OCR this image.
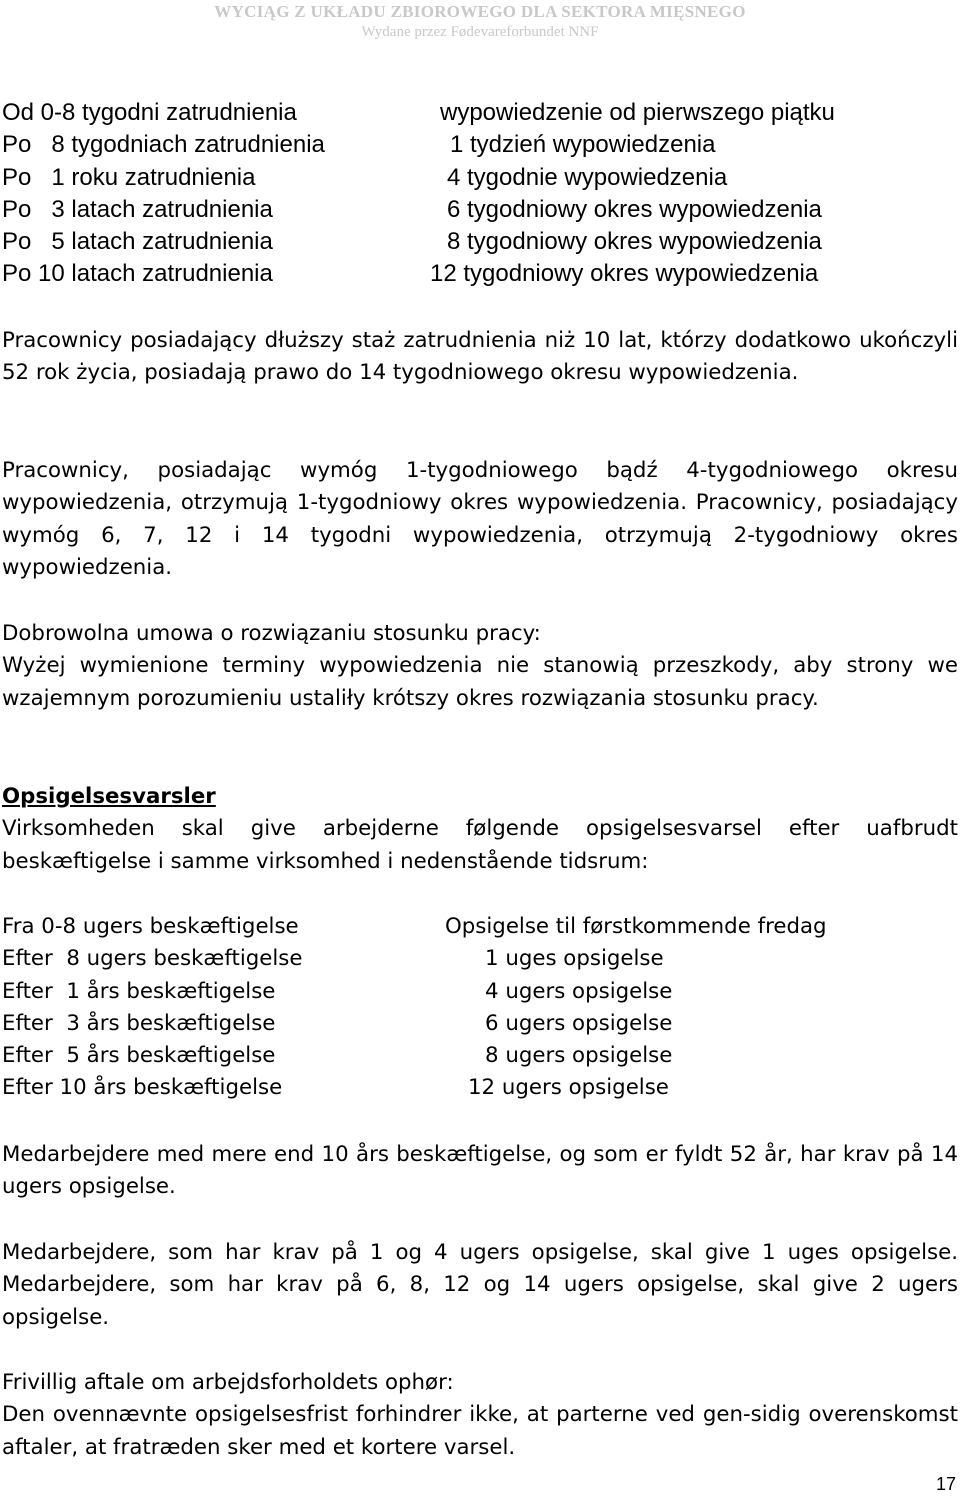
WYCIĄG Z UKŁADU ZBIOROWEGO DLA SEKTORA MIĘSNEGO
Wydane przez Fødevareforbundet NNF
Od 0-8 tygodni zatrudnienia	wypowiedzenie od pierwszego piątku
Po   8 tygodniach zatrudnienia	1 tydzień wypowiedzenia
Po   1 roku zatrudnienia	4 tygodnie wypowiedzenia
Po   3 latach zatrudnienia	6 tygodniowy okres wypowiedzenia
Po   5 latach zatrudnienia	8 tygodniowy okres wypowiedzenia
Po 10 latach zatrudnienia	12 tygodniowy okres wypowiedzenia

Pracownicy posiadający dłuższy staż zatrudnienia niż 10 lat, którzy dodatkowo ukończyli 52 rok życia, posiadają prawo do 14 tygodniowego okresu wypowiedzenia.

Pracownicy, posiadając wymóg 1-tygodniowego bądź 4-tygodniowego okresu wypowiedzenia, otrzymują 1-tygodniowy okres wypowiedzenia. Pracownicy, posiadający wymóg 6, 7, 12 i 14 tygodni wypowiedzenia, otrzymują 2-tygodniowy okres wypowiedzenia.

Dobrowolna umowa o rozwiązaniu stosunku pracy:

Wyżej wymienione terminy wypowiedzenia nie stanowią przeszkody, aby strony we wzajemnym porozumieniu ustaliły krótszy okres rozwiązania stosunku pracy.

Opsigelsesvarsler

Virksomheden skal give arbejderne følgende opsigelsesvarsel efter uafbrudt beskæftigelse i samme virksomhed i nedenstående tidsrum:

Fra 0-8 ugers beskæftigelse	Opsigelse til førstkommende fredag
Efter  8 ugers beskæftigelse	1 uges opsigelse
Efter  1 års beskæftigelse	4 ugers opsigelse
Efter  3 års beskæftigelse	6 ugers opsigelse
Efter  5 års beskæftigelse	8 ugers opsigelse
Efter 10 års beskæftigelse	12 ugers opsigelse

Medarbejdere med mere end 10 års beskæftigelse, og som er fyldt 52 år, har krav på 14 ugers opsigelse.

Medarbejdere, som har krav på 1 og 4 ugers opsigelse, skal give 1 uges opsigelse. Medarbejdere, som har krav på 6, 8, 12 og 14 ugers opsigelse, skal give 2 ugers opsigelse.

Frivillig aftale om arbejdsforholdets ophør:

Den ovennævnte opsigelsesfrist forhindrer ikke, at parterne ved gen-sidig overenskomst aftaler, at fratræden sker med et kortere varsel.

17
